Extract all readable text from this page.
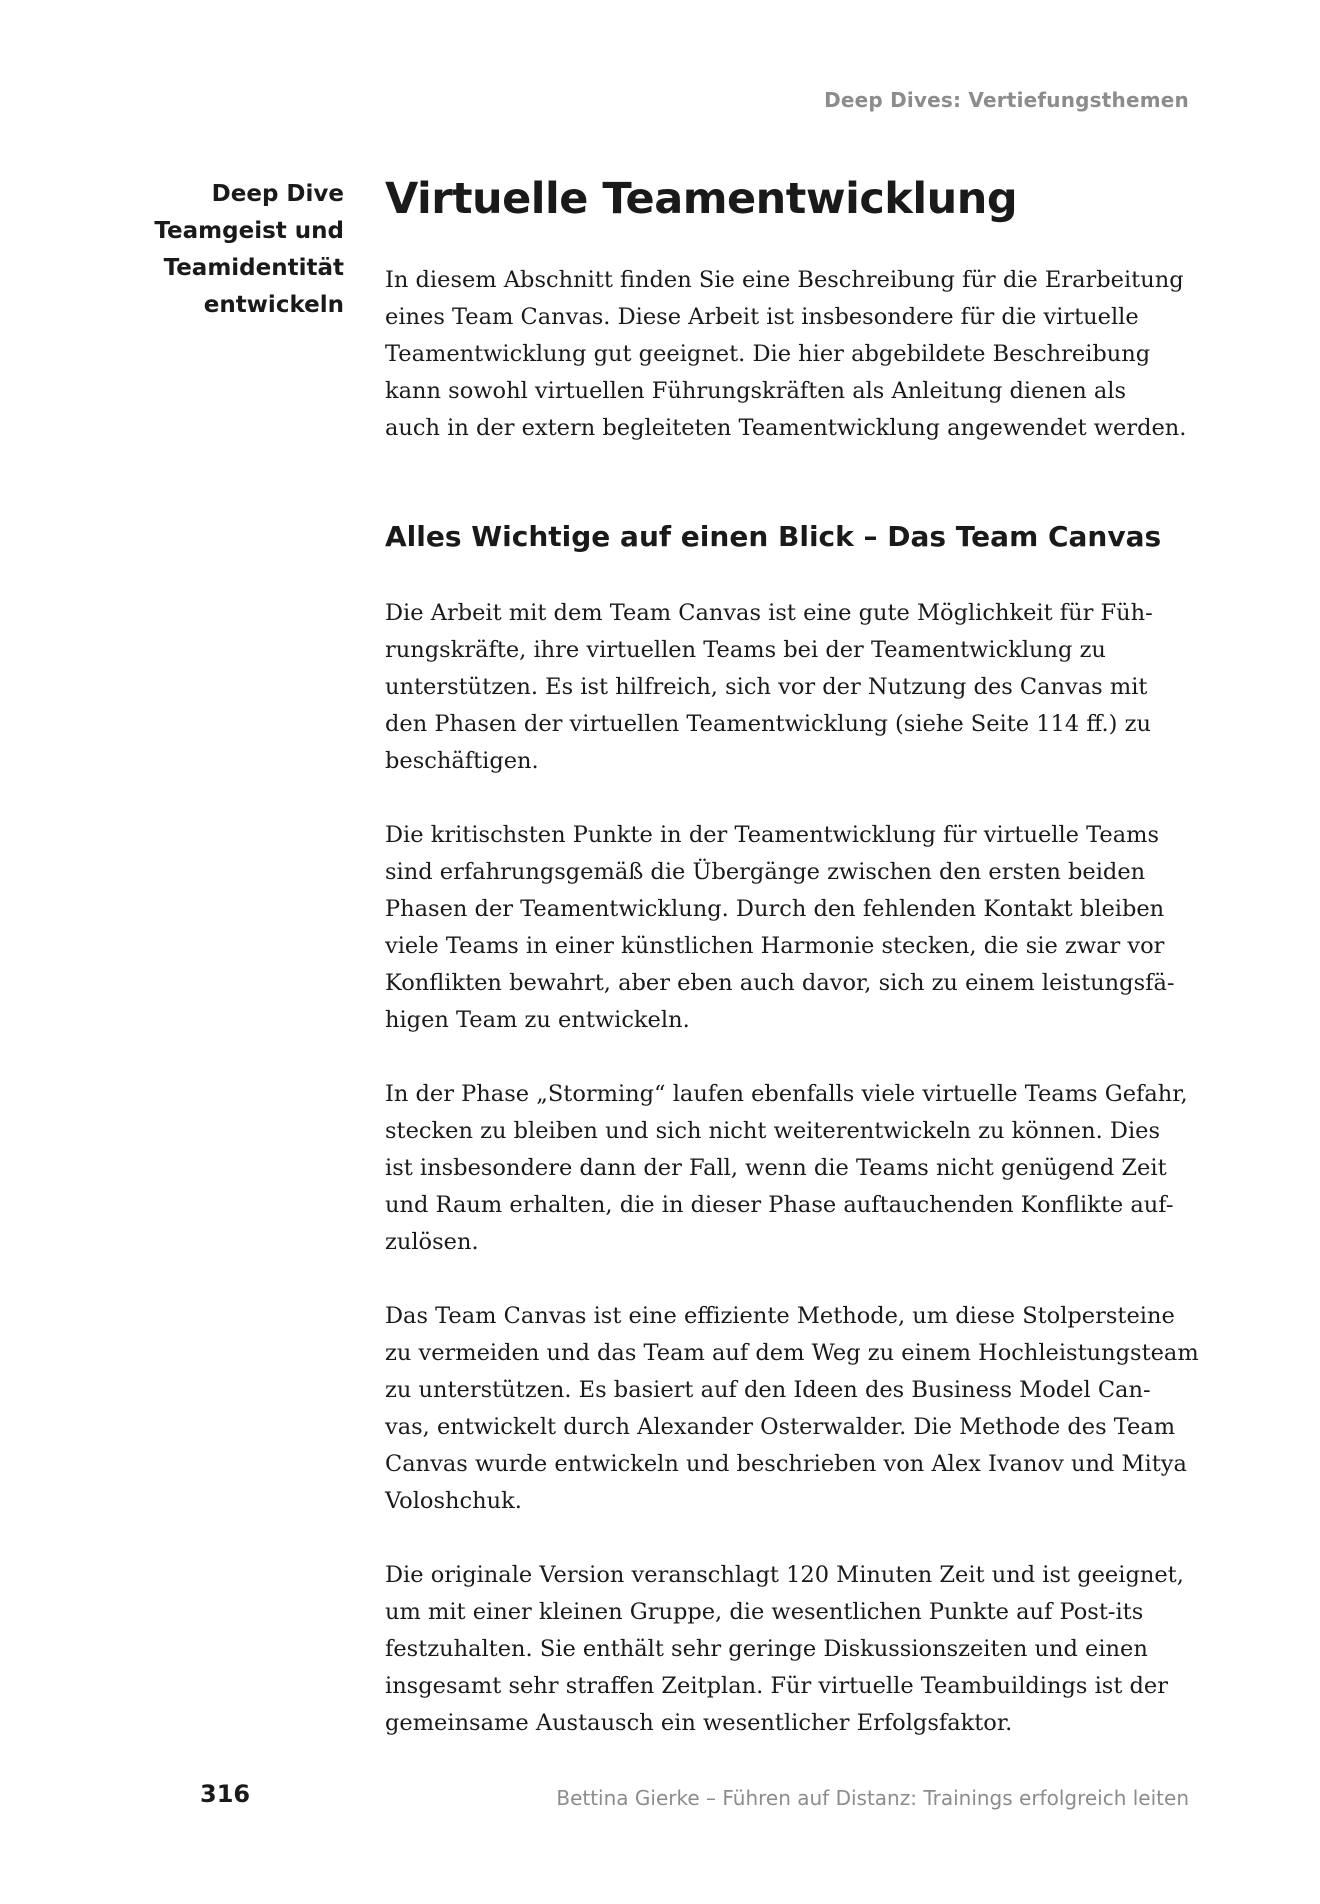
Deep Dives: Vertiefungsthemen
Deep Dive
Teamgeist und
Teamidentität
entwickeln
Virtuelle Teamentwicklung

In diesem Abschnitt finden Sie eine Beschreibung für die Erarbeitung
eines Team Canvas. Diese Arbeit ist insbesondere für die virtuelle
Teamentwicklung gut geeignet. Die hier abgebildete Beschreibung
kann sowohl virtuellen Führungskräften als Anleitung dienen als
auch in der extern begleiteten Teamentwicklung angewendet werden.

Alles Wichtige auf einen Blick – Das Team Canvas

Die Arbeit mit dem Team Canvas ist eine gute Möglichkeit für Füh-
rungskräfte, ihre virtuellen Teams bei der Teamentwicklung zu
unterstützen. Es ist hilfreich, sich vor der Nutzung des Canvas mit
den Phasen der virtuellen Teamentwicklung (siehe Seite 114 ff.) zu
beschäftigen.

Die kritischsten Punkte in der Teamentwicklung für virtuelle Teams
sind erfahrungsgemäß die Übergänge zwischen den ersten beiden
Phasen der Teamentwicklung. Durch den fehlenden Kontakt bleiben
viele Teams in einer künstlichen Harmonie stecken, die sie zwar vor
Konflikten bewahrt, aber eben auch davor, sich zu einem leistungsfä-
higen Team zu entwickeln.

In der Phase „Storming“ laufen ebenfalls viele virtuelle Teams Gefahr,
stecken zu bleiben und sich nicht weiterentwickeln zu können. Dies
ist insbesondere dann der Fall, wenn die Teams nicht genügend Zeit
und Raum erhalten, die in dieser Phase auftauchenden Konflikte auf-
zulösen.

Das Team Canvas ist eine effiziente Methode, um diese Stolpersteine
zu vermeiden und das Team auf dem Weg zu einem Hochleistungsteam
zu unterstützen. Es basiert auf den Ideen des Business Model Can-
vas, entwickelt durch Alexander Osterwalder. Die Methode des Team
Canvas wurde entwickeln und beschrieben von Alex Ivanov und Mitya
Voloshchuk.

Die originale Version veranschlagt 120 Minuten Zeit und ist geeignet,
um mit einer kleinen Gruppe, die wesentlichen Punkte auf Post-its
festzuhalten. Sie enthält sehr geringe Diskussionszeiten und einen
insgesamt sehr straffen Zeitplan. Für virtuelle Teambuildings ist der
gemeinsame Austausch ein wesentlicher Erfolgsfaktor.

316	Bettina Gierke – Führen auf Distanz: Trainings erfolgreich leiten
